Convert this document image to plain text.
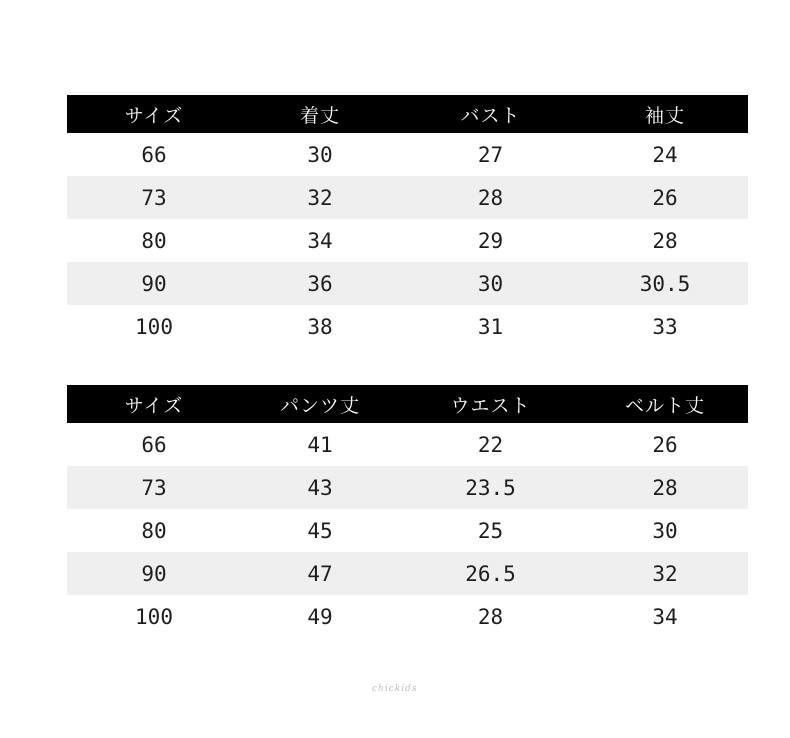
サイズ	着丈	バスト	袖丈
66	30	27	24
73	32	28	26
80	34	29	28
90	36	30	30.5
100	38	31	33
サイズ	パンツ丈	ウエスト	ベルト丈
66	41	22	26
73	43	23.5	28
80	45	25	30
90	47	26.5	32
100	49	28	34
chickids
